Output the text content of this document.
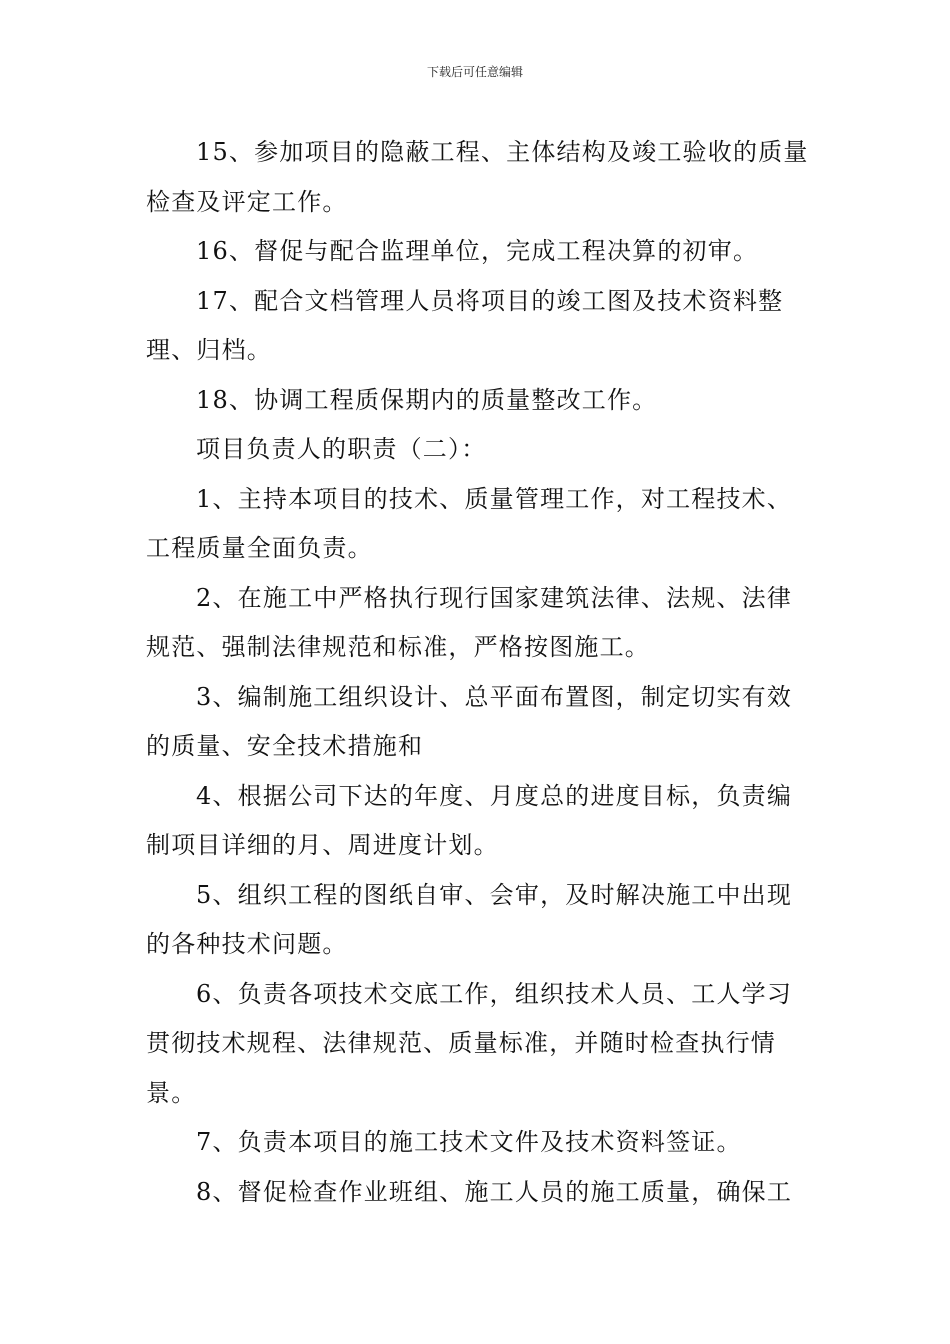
下载后可任意编辑

15、参加项目的隐蔽工程、主体结构及竣工验收的质量检查及评定工作。

16、督促与配合监理单位，完成工程决算的初审。

17、配合文档管理人员将项目的竣工图及技术资料整理、归档。

18、协调工程质保期内的质量整改工作。

项目负责人的职责（二）：

1、主持本项目的技术、质量管理工作，对工程技术、工程质量全面负责。

2、在施工中严格执行现行国家建筑法律、法规、法律规范、强制法律规范和标准，严格按图施工。

3、编制施工组织设计、总平面布置图，制定切实有效的质量、安全技术措施和

4、根据公司下达的年度、月度总的进度目标，负责编制项目详细的月、周进度计划。

5、组织工程的图纸自审、会审，及时解决施工中出现的各种技术问题。

6、负责各项技术交底工作，组织技术人员、工人学习贯彻技术规程、法律规范、质量标准，并随时检查执行情景。

7、负责本项目的施工技术文件及技术资料签证。

8、督促检查作业班组、施工人员的施工质量，确保工
